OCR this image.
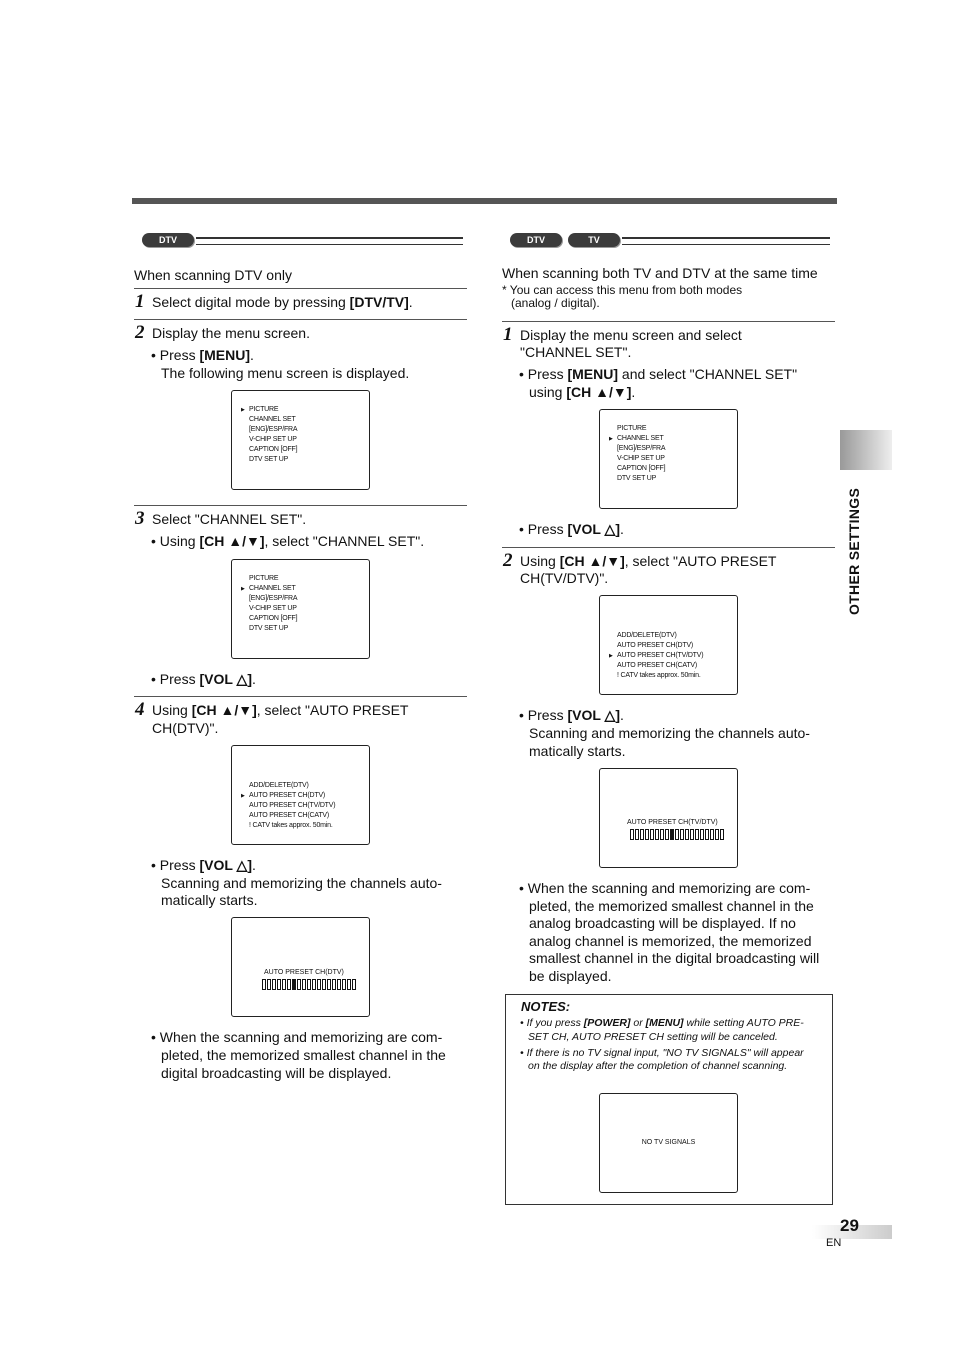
DTV
When scanning DTV only
1 Select digital mode by pressing [DTV/TV].
2 Display the menu screen.
• Press [MENU].
The following menu screen is displayed.
▶ PICTURE
CHANNEL SET
[ENG]/ESP/FRA
V-CHIP SET UP
CAPTION [OFF]
DTV SET UP
3 Select "CHANNEL SET".
• Using [CH ▲/▼], select "CHANNEL SET".
PICTURE
▶ CHANNEL SET
[ENG]/ESP/FRA
V-CHIP SET UP
CAPTION [OFF]
DTV SET UP
• Press [VOL △].
4 Using [CH ▲/▼], select "AUTO PRESET
CH(DTV)".
ADD/DELETE(DTV)
▶ AUTO PRESET CH(DTV)
AUTO PRESET CH(TV/DTV)
AUTO PRESET CH(CATV)
! CATV takes approx. 50min.
• Press [VOL △].
Scanning and memorizing the channels auto-
matically starts.
AUTO PRESET CH(DTV)
• When the scanning and memorizing are com-
pleted, the memorized smallest channel in the
digital broadcasting will be displayed.
DTV	TV
When scanning both TV and DTV at the same time
* You can access this menu from both modes
(analog / digital).
1 Display the menu screen and select
"CHANNEL SET".
• Press [MENU] and select "CHANNEL SET"
using [CH ▲/▼].
PICTURE
▶ CHANNEL SET
[ENG]/ESP/FRA
V-CHIP SET UP
CAPTION [OFF]
DTV SET UP
• Press [VOL △].
2 Using [CH ▲/▼], select "AUTO PRESET
CH(TV/DTV)".
ADD/DELETE(DTV)
AUTO PRESET CH(DTV)
▶ AUTO PRESET CH(TV/DTV)
AUTO PRESET CH(CATV)
! CATV takes approx. 50min.
• Press [VOL △].
Scanning and memorizing the channels auto-
matically starts.
AUTO PRESET CH(TV/DTV)
• When the scanning and memorizing are com-
pleted, the memorized smallest channel in the
analog broadcasting will be displayed. If no
analog channel is memorized, the memorized
smallest channel in the digital broadcasting will
be displayed.
NOTES:
• If you press [POWER] or [MENU] while setting AUTO PRE-
SET CH, AUTO PRESET CH setting will be canceled.
• If there is no TV signal input, "NO TV SIGNALS" will appear
on the display after the completion of channel scanning.
NO TV SIGNALS
OTHER SETTINGS
29
EN
